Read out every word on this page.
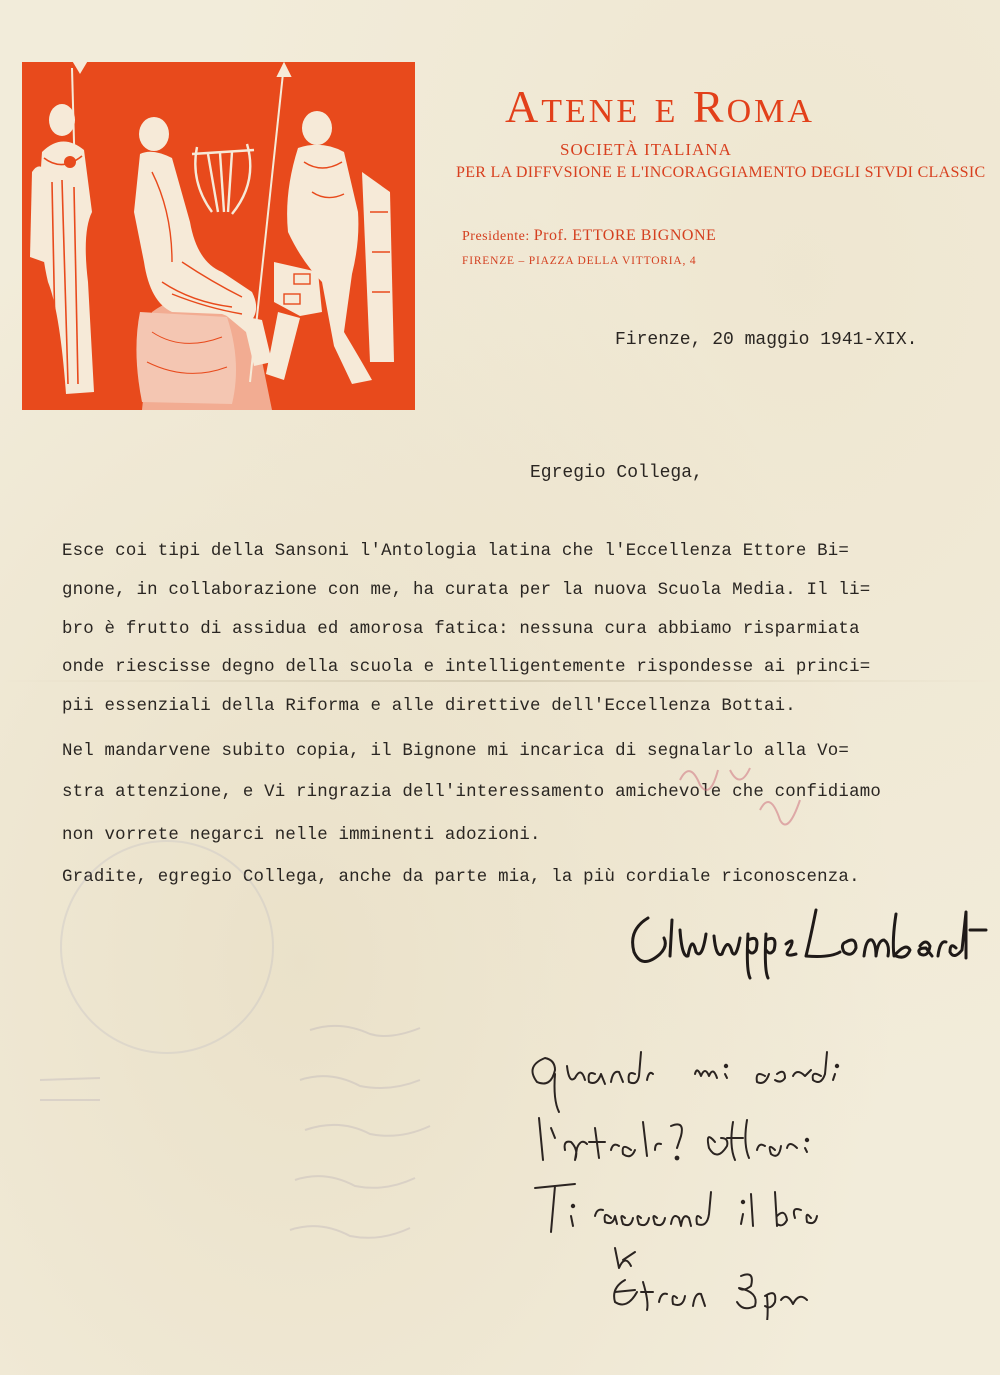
ATENE E ROMA
SOCIETÀ ITALIANA
PER LA DIFFVSIONE E L'INCORAGGIAMENTO DEGLI STVDI CLASSIC
Presidente: Prof. ETTORE BIGNONE
FIRENZE – PIAZZA DELLA VITTORIA, 4
Firenze, 20 maggio 1941-XIX.
Egregio Collega,
Esce coi tipi della Sansoni l'Antologia latina che l'Eccellenza Ettore Bi=
gnone, in collaborazione con me, ha curata per la nuova Scuola Media. Il li=
bro è frutto di assidua ed amorosa fatica: nessuna cura abbiamo risparmiata
onde riescisse degno della scuola e intelligentemente rispondesse ai princi=
pii essenziali della Riforma e alle direttive dell'Eccellenza Bottai.
Nel mandarvene subito copia, il Bignone mi incarica di segnalarlo alla Vo=
stra attenzione, e Vi ringrazia dell'interessamento amichevole che confidiamo
non vorrete negarci nelle imminenti adozioni.
Gradite, egregio Collega, anche da parte mia, la più cordiale riconoscenza.
